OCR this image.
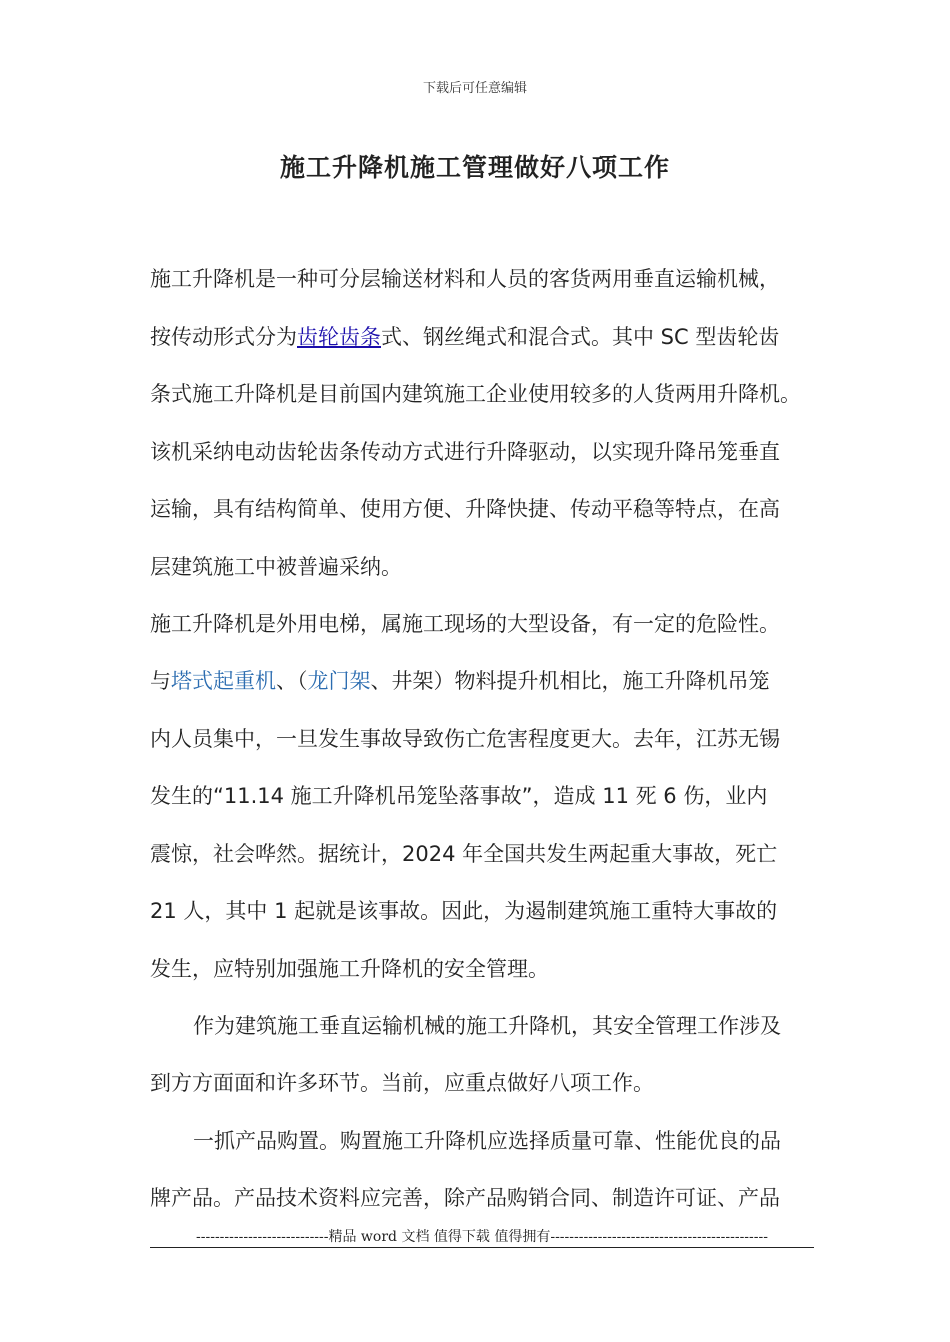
下载后可任意编辑
施工升降机施工管理做好八项工作
施工升降机是一种可分层输送材料和人员的客货两用垂直运输机械，
按传动形式分为齿轮齿条式、钢丝绳式和混合式。其中 SC 型齿轮齿
条式施工升降机是目前国内建筑施工企业使用较多的人货两用升降机。
该机采纳电动齿轮齿条传动方式进行升降驱动，以实现升降吊笼垂直
运输，具有结构简单、使用方便、升降快捷、传动平稳等特点，在高
层建筑施工中被普遍采纳。
施工升降机是外用电梯，属施工现场的大型设备，有一定的危险性。
与塔式起重机、（龙门架、井架）物料提升机相比，施工升降机吊笼
内人员集中，一旦发生事故导致伤亡危害程度更大。去年，江苏无锡
发生的“11.14 施工升降机吊笼坠落事故”，造成 11 死 6 伤，业内
震惊，社会哗然。据统计，2024 年全国共发生两起重大事故，死亡
21 人，其中 1 起就是该事故。因此，为遏制建筑施工重特大事故的
发生，应特别加强施工升降机的安全管理。
作为建筑施工垂直运输机械的施工升降机，其安全管理工作涉及
到方方面面和许多环节。当前，应重点做好八项工作。
一抓产品购置。购置施工升降机应选择质量可靠、性能优良的品
牌产品。产品技术资料应完善，除产品购销合同、制造许可证、产品
----------------------------精品 word 文档 值得下载 值得拥有----------------------------------------------
